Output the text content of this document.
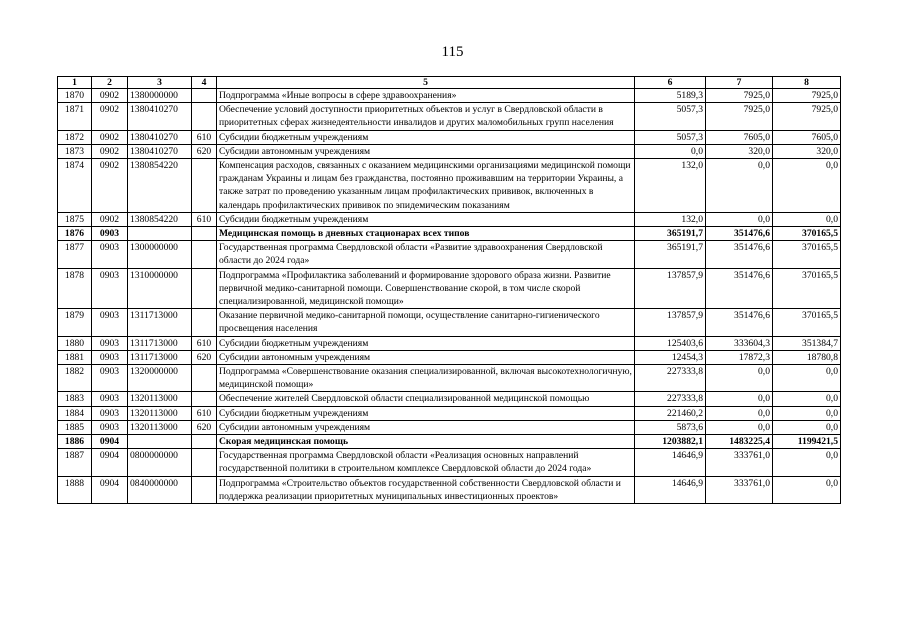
115
1	2	3	4	5	6	7	8
1870	0902	1380000000		Подпрограмма «Иные вопросы в сфере здравоохранения»	5189,3	7925,0	7925,0
1871	0902	1380410270		Обеспечение условий доступности приоритетных объектов и услуг в Свердловской области в приоритетных сферах жизнедеятельности инвалидов и других маломобильных групп населения	5057,3	7925,0	7925,0
1872	0902	1380410270	610	Субсидии бюджетным учреждениям	5057,3	7605,0	7605,0
1873	0902	1380410270	620	Субсидии автономным учреждениям	0,0	320,0	320,0
1874	0902	1380854220		Компенсация расходов, связанных с оказанием медицинскими организациями медицинской помощи гражданам Украины и лицам без гражданства, постоянно проживавшим на территории Украины, а также затрат по проведению указанным лицам профилактических прививок, включенных в календарь профилактических прививок по эпидемическим показаниям	132,0	0,0	0,0
1875	0902	1380854220	610	Субсидии бюджетным учреждениям	132,0	0,0	0,0
1876	0903			Медицинская помощь в дневных стационарах всех типов	365191,7	351476,6	370165,5
1877	0903	1300000000		Государственная программа Свердловской области «Развитие здравоохранения Свердловской области до 2024 года»	365191,7	351476,6	370165,5
1878	0903	1310000000		Подпрограмма «Профилактика заболеваний и формирование здорового образа жизни. Развитие первичной медико-санитарной помощи. Совершенствование скорой, в том числе скорой специализированной, медицинской помощи»	137857,9	351476,6	370165,5
1879	0903	1311713000		Оказание первичной медико-санитарной помощи, осуществление санитарно-гигиенического просвещения населения	137857,9	351476,6	370165,5
1880	0903	1311713000	610	Субсидии бюджетным учреждениям	125403,6	333604,3	351384,7
1881	0903	1311713000	620	Субсидии автономным учреждениям	12454,3	17872,3	18780,8
1882	0903	1320000000		Подпрограмма «Совершенствование оказания специализированной, включая высокотехнологичную, медицинской помощи»	227333,8	0,0	0,0
1883	0903	1320113000		Обеспечение жителей Свердловской области специализированной медицинской помощью	227333,8	0,0	0,0
1884	0903	1320113000	610	Субсидии бюджетным учреждениям	221460,2	0,0	0,0
1885	0903	1320113000	620	Субсидии автономным учреждениям	5873,6	0,0	0,0
1886	0904			Скорая медицинская помощь	1203882,1	1483225,4	1199421,5
1887	0904	0800000000		Государственная программа Свердловской области «Реализация основных направлений государственной политики в строительном комплексе Свердловской области до 2024 года»	14646,9	333761,0	0,0
1888	0904	0840000000		Подпрограмма «Строительство объектов государственной собственности Свердловской области и поддержка реализации приоритетных муниципальных инвестиционных проектов»	14646,9	333761,0	0,0
